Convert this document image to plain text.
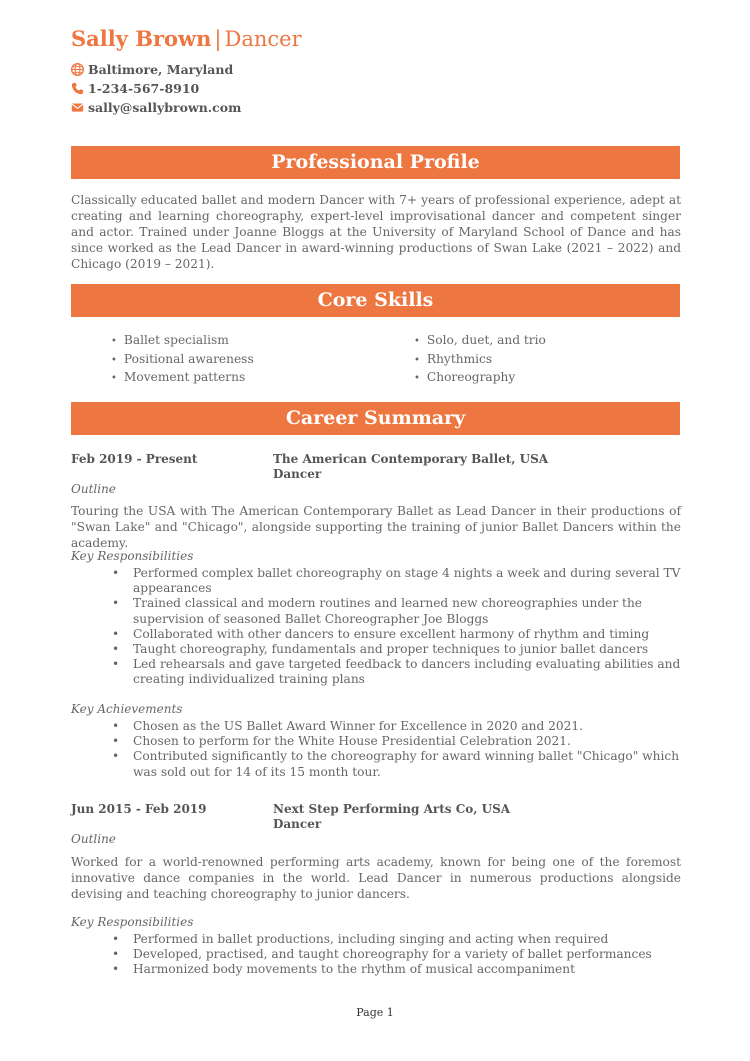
Sally Brown | Dancer
Baltimore, Maryland
1-234-567-8910
sally@sallybrown.com
Professional Profile
Classically educated ballet and modern Dancer with 7+ years of professional experience, adept at creating and learning choreography, expert-level improvisational dancer and competent singer and actor. Trained under Joanne Bloggs at the University of Maryland School of Dance and has since worked as the Lead Dancer in award-winning productions of Swan Lake (2021 – 2022) and Chicago (2019 – 2021).
Core Skills
• Ballet specialism
• Positional awareness
• Movement patterns
• Solo, duet, and trio
• Rhythmics
• Choreography
Career Summary
Feb 2019 - Present	The American Contemporary Ballet, USA
Dancer
Outline
Touring the USA with The American Contemporary Ballet as Lead Dancer in their productions of "Swan Lake" and "Chicago", alongside supporting the training of junior Ballet Dancers within the academy.
Key Responsibilities
• Performed complex ballet choreography on stage 4 nights a week and during several TV appearances
• Trained classical and modern routines and learned new choreographies under the supervision of seasoned Ballet Choreographer Joe Bloggs
• Collaborated with other dancers to ensure excellent harmony of rhythm and timing
• Taught choreography, fundamentals and proper techniques to junior ballet dancers
• Led rehearsals and gave targeted feedback to dancers including evaluating abilities and creating individualized training plans
Key Achievements
• Chosen as the US Ballet Award Winner for Excellence in 2020 and 2021.
• Chosen to perform for the White House Presidential Celebration 2021.
• Contributed significantly to the choreography for award winning ballet "Chicago" which was sold out for 14 of its 15 month tour.
Jun 2015 - Feb 2019	Next Step Performing Arts Co, USA
Dancer
Outline
Worked for a world-renowned performing arts academy, known for being one of the foremost innovative dance companies in the world. Lead Dancer in numerous productions alongside devising and teaching choreography to junior dancers.
Key Responsibilities
• Performed in ballet productions, including singing and acting when required
• Developed, practised, and taught choreography for a variety of ballet performances
• Harmonized body movements to the rhythm of musical accompaniment
Page 1
